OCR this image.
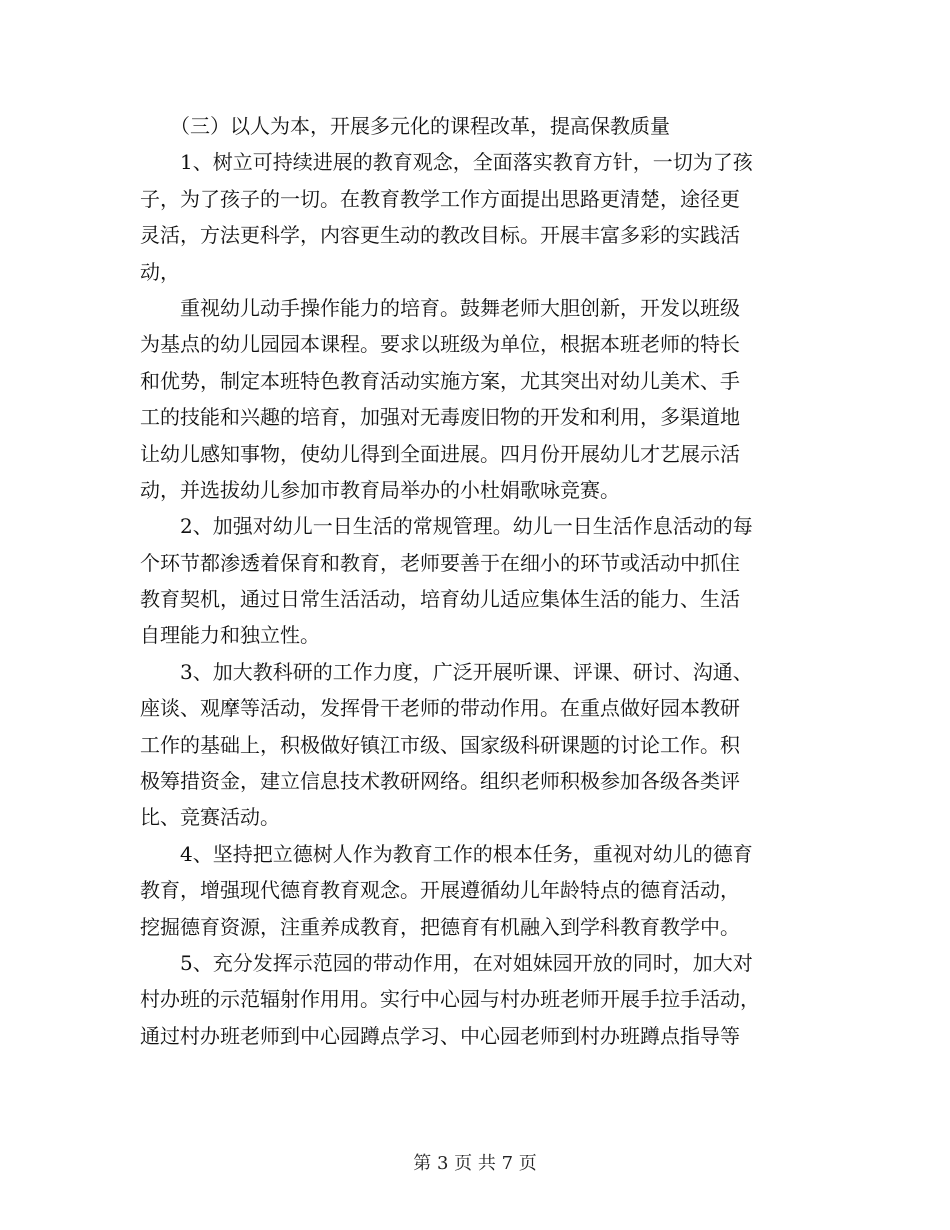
　　（三）以人为本，开展多元化的课程改革，提高保教质量
　　1、树立可持续进展的教育观念，全面落实教育方针，一切为了孩
子，为了孩子的一切。在教育教学工作方面提出思路更清楚，途径更
灵活，方法更科学，内容更生动的教改目标。开展丰富多彩的实践活
动，
　　重视幼儿动手操作能力的培育。鼓舞老师大胆创新，开发以班级
为基点的幼儿园园本课程。要求以班级为单位，根据本班老师的特长
和优势，制定本班特色教育活动实施方案，尤其突出对幼儿美术、手
工的技能和兴趣的培育，加强对无毒废旧物的开发和利用，多渠道地
让幼儿感知事物，使幼儿得到全面进展。四月份开展幼儿才艺展示活
动，并选拔幼儿参加市教育局举办的小杜娟歌咏竞赛。
　　2、加强对幼儿一日生活的常规管理。幼儿一日生活作息活动的每
个环节都渗透着保育和教育，老师要善于在细小的环节或活动中抓住
教育契机，通过日常生活活动，培育幼儿适应集体生活的能力、生活
自理能力和独立性。
　　3、加大教科研的工作力度，广泛开展听课、评课、研讨、沟通、
座谈、观摩等活动，发挥骨干老师的带动作用。在重点做好园本教研
工作的基础上，积极做好镇江市级、国家级科研课题的讨论工作。积
极筹措资金，建立信息技术教研网络。组织老师积极参加各级各类评
比、竞赛活动。
　　4、坚持把立德树人作为教育工作的根本任务，重视对幼儿的德育
教育，增强现代德育教育观念。开展遵循幼儿年龄特点的德育活动，
挖掘德育资源，注重养成教育，把德育有机融入到学科教育教学中。
　　5、充分发挥示范园的带动作用，在对姐妹园开放的同时，加大对
村办班的示范辐射作用用。实行中心园与村办班老师开展手拉手活动，
通过村办班老师到中心园蹲点学习、中心园老师到村办班蹲点指导等
第 3 页 共 7 页
